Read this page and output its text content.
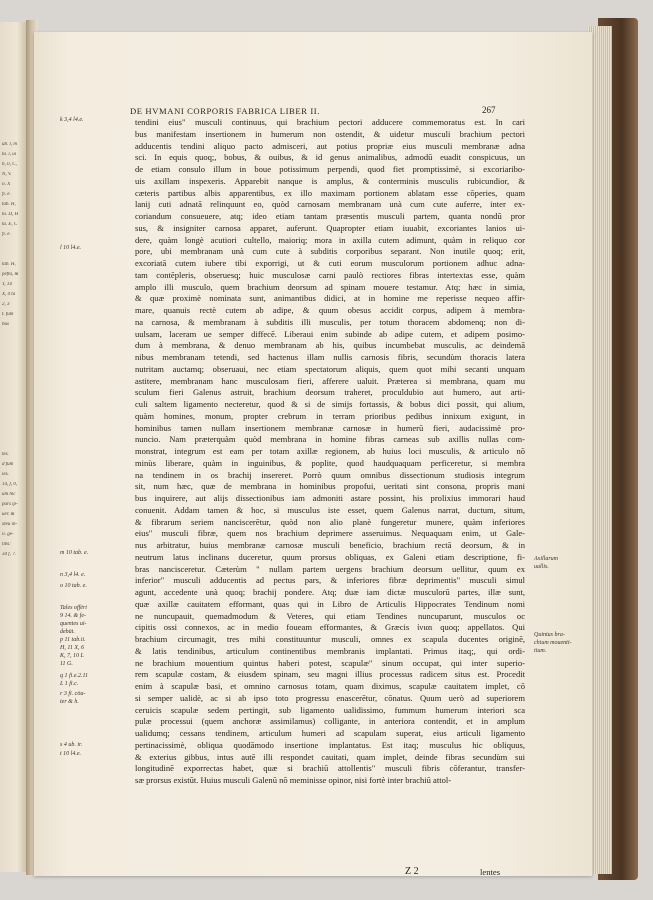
ub. l, m
ta. i, ui
b, ii, C,
N, V.
ii. X
fi. e.
tab. H,
ta. D, H
ta. E, C
fi. e.
tab. H,
pefta, &
T, 14
X, 4 ta
2, 3
t. fūm
bus
tes.
d fūm
ies.
14, f, 0,
um hic
pars ip-
uer. &
xteu in-
ii. ge-
tibs:
34 f, ?.
DE HVMANI CORPORIS FABRICA LIBER II.	267
tendini eius" musculi continuus, qui brachium pectori adducere commemoratus est. In cari
bus manifestam insertionem in humerum non ostendit, & uidetur musculi brachium pectori
adducentis tendini aliquo pacto admisceri, aut potius propriæ eius musculi membranæ adna
sci. In equis quoq;, bobus, & ouibus, & id genus animalibus, admodū euadit conspicuus, un
de etiam consulo illum in boue potissimum perpendi, quod fiet promptissimè, si excoriaribo-
uis axillam inspexeris. Apparebit nanque is amplus, & conterminis musculis rubicundior, &
cæteris partibus albis apparentibus, ex illo maximam portionem ablatam esse cōperies, quam
lanij cuti adnatā relinquunt eo, quòd carnosam membranam unà cum cute auferre, inter ex-
coriandum consueuere, atq; ideo etiam tantam præsentis musculi partem, quanta nondū pror
sus, & insigniter carnosa apparet, auferunt. Quapropter etiam iuuabit, excoriantes lanios ui-
dere, quàm longè acutiori cultello, maioriq; mora in axilla cutem adimunt, quàm in reliquo cor
pore, ubi membranam unà cum cute à subditis corporibus separant. Non inutile quoq; erit,
excoriatā cutem iubere tibi exporrigi, ut & cuti eorum musculorum portionem adhuc adna-
tam contēpleris, obseruesq; huic musculosæ carni paulò rectiores fibras intertextas esse, quàm
amplo illi musculo, quem brachium deorsum ad spinam mouere testamur. Atq; hæc in simia,
& quæ proximè nominata sunt, animantibus didici, at in homine me reperisse nequeo affir-
mare, quanuis rectè cutem ab adipe, & quum obesus accidit corpus, adipem à membra-
na carnosa, & membranam à subditis illi musculis, per totum thoracem abdomenq; non di-
uulsam, laceram ue semper diffecē. Liberaui enim subinde ab adipe cutem, et adipem posimo-
dum à membrana, & denuo membranam ab his, quibus incumbebat musculis, ac deindemā
nibus membranam tetendi, sed hactenus illam nullis carnosis fibris, secundùm thoracis latera
nutritam auctamq; obseruaui, nec etiam spectatorum aliquis, quem quot mihi secanti unquam
astitere, membranam hanc musculosam fieri, afferere ualuit. Præterea si membrana, quam mu
sculum fieri Galenus astruit, brachium deorsum traheret, proculdubio aut humero, aut arti-
culi saltem ligamento necteretur, quod & si de simijs fortassis, & bobus dici possit, qui alium,
quàm homines, monum, propter crebrum in terram prioribus pedibus innixum exigunt, in
hominibus tamen nullam insertionem membranæ carnosæ in humerū fieri, audacissimè pro-
nuncio. Nam præterquàm quòd membrana in homine fibras carneas sub axillis nullas com-
monstrat, integrum est eam per totam axillæ regionem, ab huius loci musculis, & articulo nō
minùs liberare, quàm in inguinibus, & poplite, quod haudquaquam perficeretur, si membra
na tendinem in os brachij insereret. Porrò quum omnibus dissectionum studiosis integrum
sit, num hæc, quæ de membrana in hominibus propofui, ueritati sint consona, propris mani
bus inquirere, aut alijs dissectionibus iam admoniti astare possint, his prolixius immorari haud
conuenit. Addam tamen & hoc, si musculus iste esset, quem Galenus narrat, ductum, situm,
& fibrarum seriem nanciscerētur, quòd non alio planè fungeretur munere, quàm inferiores
eius" musculi fibræ, quem nos brachium deprimere asseruimus. Nequaquam enim, ut Gale-
nus arbitratur, huius membranæ carnosæ musculi beneficio, brachium rectā deorsum, & in
neutrum latus inclinans duceretur, quum prorsus obliquas, ex Galeni etiam descriptione, fi-
bras nancisceretur. Cæterùm " nullam partem uergens brachium deorsum uellitur, quum ex
inferior" musculi adducentis ad pectus pars, & inferiores fibræ deprimentis" musculi simul
agunt, accedente unà quoq; brachij pondere. Atq; duæ iam dictæ musculorū partes, illæ sunt,
quæ axillæ cauitatem efformant, quas qui in Libro de Articulis Hippocrates Tendinum nomi
ne nuncupauit, quemadmodum & Veteres, qui etiam Tendines nuncuparunt, musculos oc
cipitis ossi connexos, ac in medio foueam efformantes, & Græcis ἰνιαι quoq; appellatos. Qui
brachium circumagit, tres mihi constituuntur musculi, omnes ex scapula ducentes originē,
& latis tendinibus, articulum continentibus membranis implantati. Primus itaq;, qui ordi-
ne brachium mouentium quintus haberi potest, scapulæ" sinum occupat, qui inter superio-
rem scapulæ costam, & eiusdem spinam, seu magni illius processus radicem situs est. Procedit
enim à scapulæ basi, et omnino carnosus totam, quam diximus, scapulæ cauitatem implet, cō
si semper ualidè, ac si ab ipso toto progressu enascerētur, cōnatus. Quum uerò ad superiorem
ceruicis scapulæ sedem pertingit, sub ligamento ualidissimo, fummum humerum interiori sca
pulæ processui (quem anchoræ assimilamus) colligante, in anteriora contendit, et in amplum
ualidumq; cessans tendinem, articulum humeri ad scapulam superat, eius articuli ligamento
pertinacissimè, obliqua quodāmodo insertione implantatus. Est itaq; musculus hic obliquus,
& exterius gibbus, intus autē illi respondet cauitati, quam implet, deinde fibras secundùm sui
longitudinē exporrectas habet, quæ si brachiū attollentis" musculi fibris cōferantur, transfer-
sæ prorsus existūt. Huius musculi Galenū nō meminisse opinor, nisi fortè inter brachiū attol-
k 3,4 l4.e.
l 10 l4.e.
m 10 tab. e.
n 3,4 l4. e.
o 10 tab. e.
Tales offēri
9 14. & fe-
quentes ui-
debūt.
p 11 tab.ii.
H, 11 X, 6
K, 7, 10 L
11 G.
q 1 fi.e.2.11
L 1 fi.c.
r 3 fi. cōu-
ter & h.
s 4 ub. ir.
t 10 l4.e.
Axillarum
uallis.
Quintus bra-
chium mouenti-
tium.
Z 2	lentes
